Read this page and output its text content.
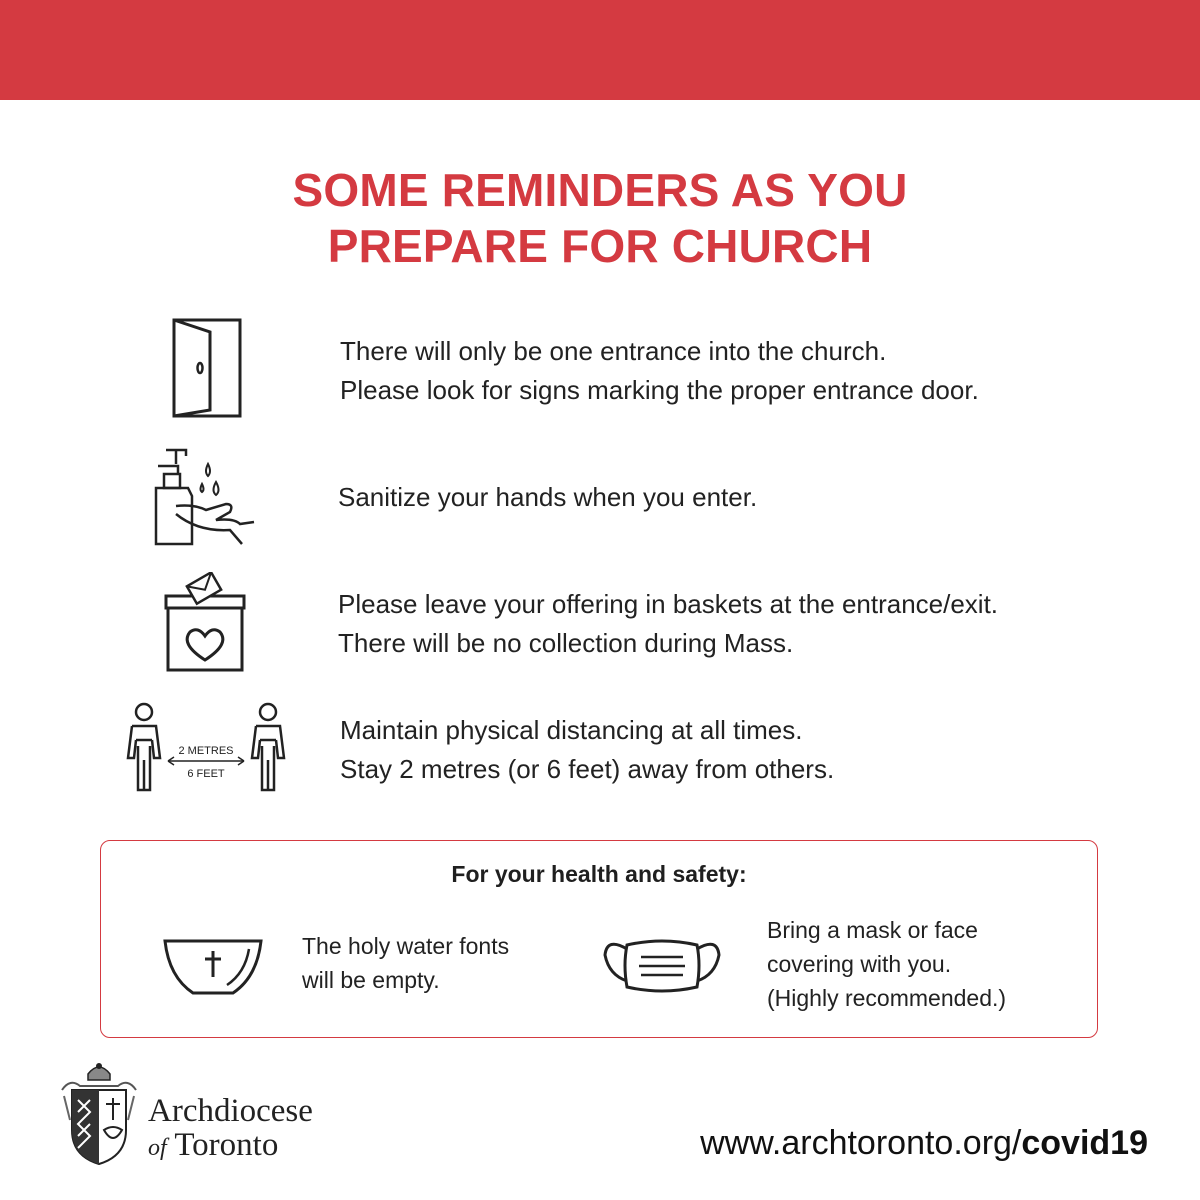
SOME REMINDERS AS YOU
PREPARE FOR CHURCH
There will only be one entrance into the church.
Please look for signs marking the proper entrance door.
Sanitize your hands when you enter.
Please leave your offering in baskets at the entrance/exit.
There will be no collection during Mass.
2 METRES
6 FEET
Maintain physical distancing at all times.
Stay 2 metres (or 6 feet) away from others.
For your health and safety:
The holy water fonts
will be empty.
Bring a mask or face
covering with you.
(Highly recommended.)
Archdiocese
of Toronto	www.archtoronto.org/covid19
